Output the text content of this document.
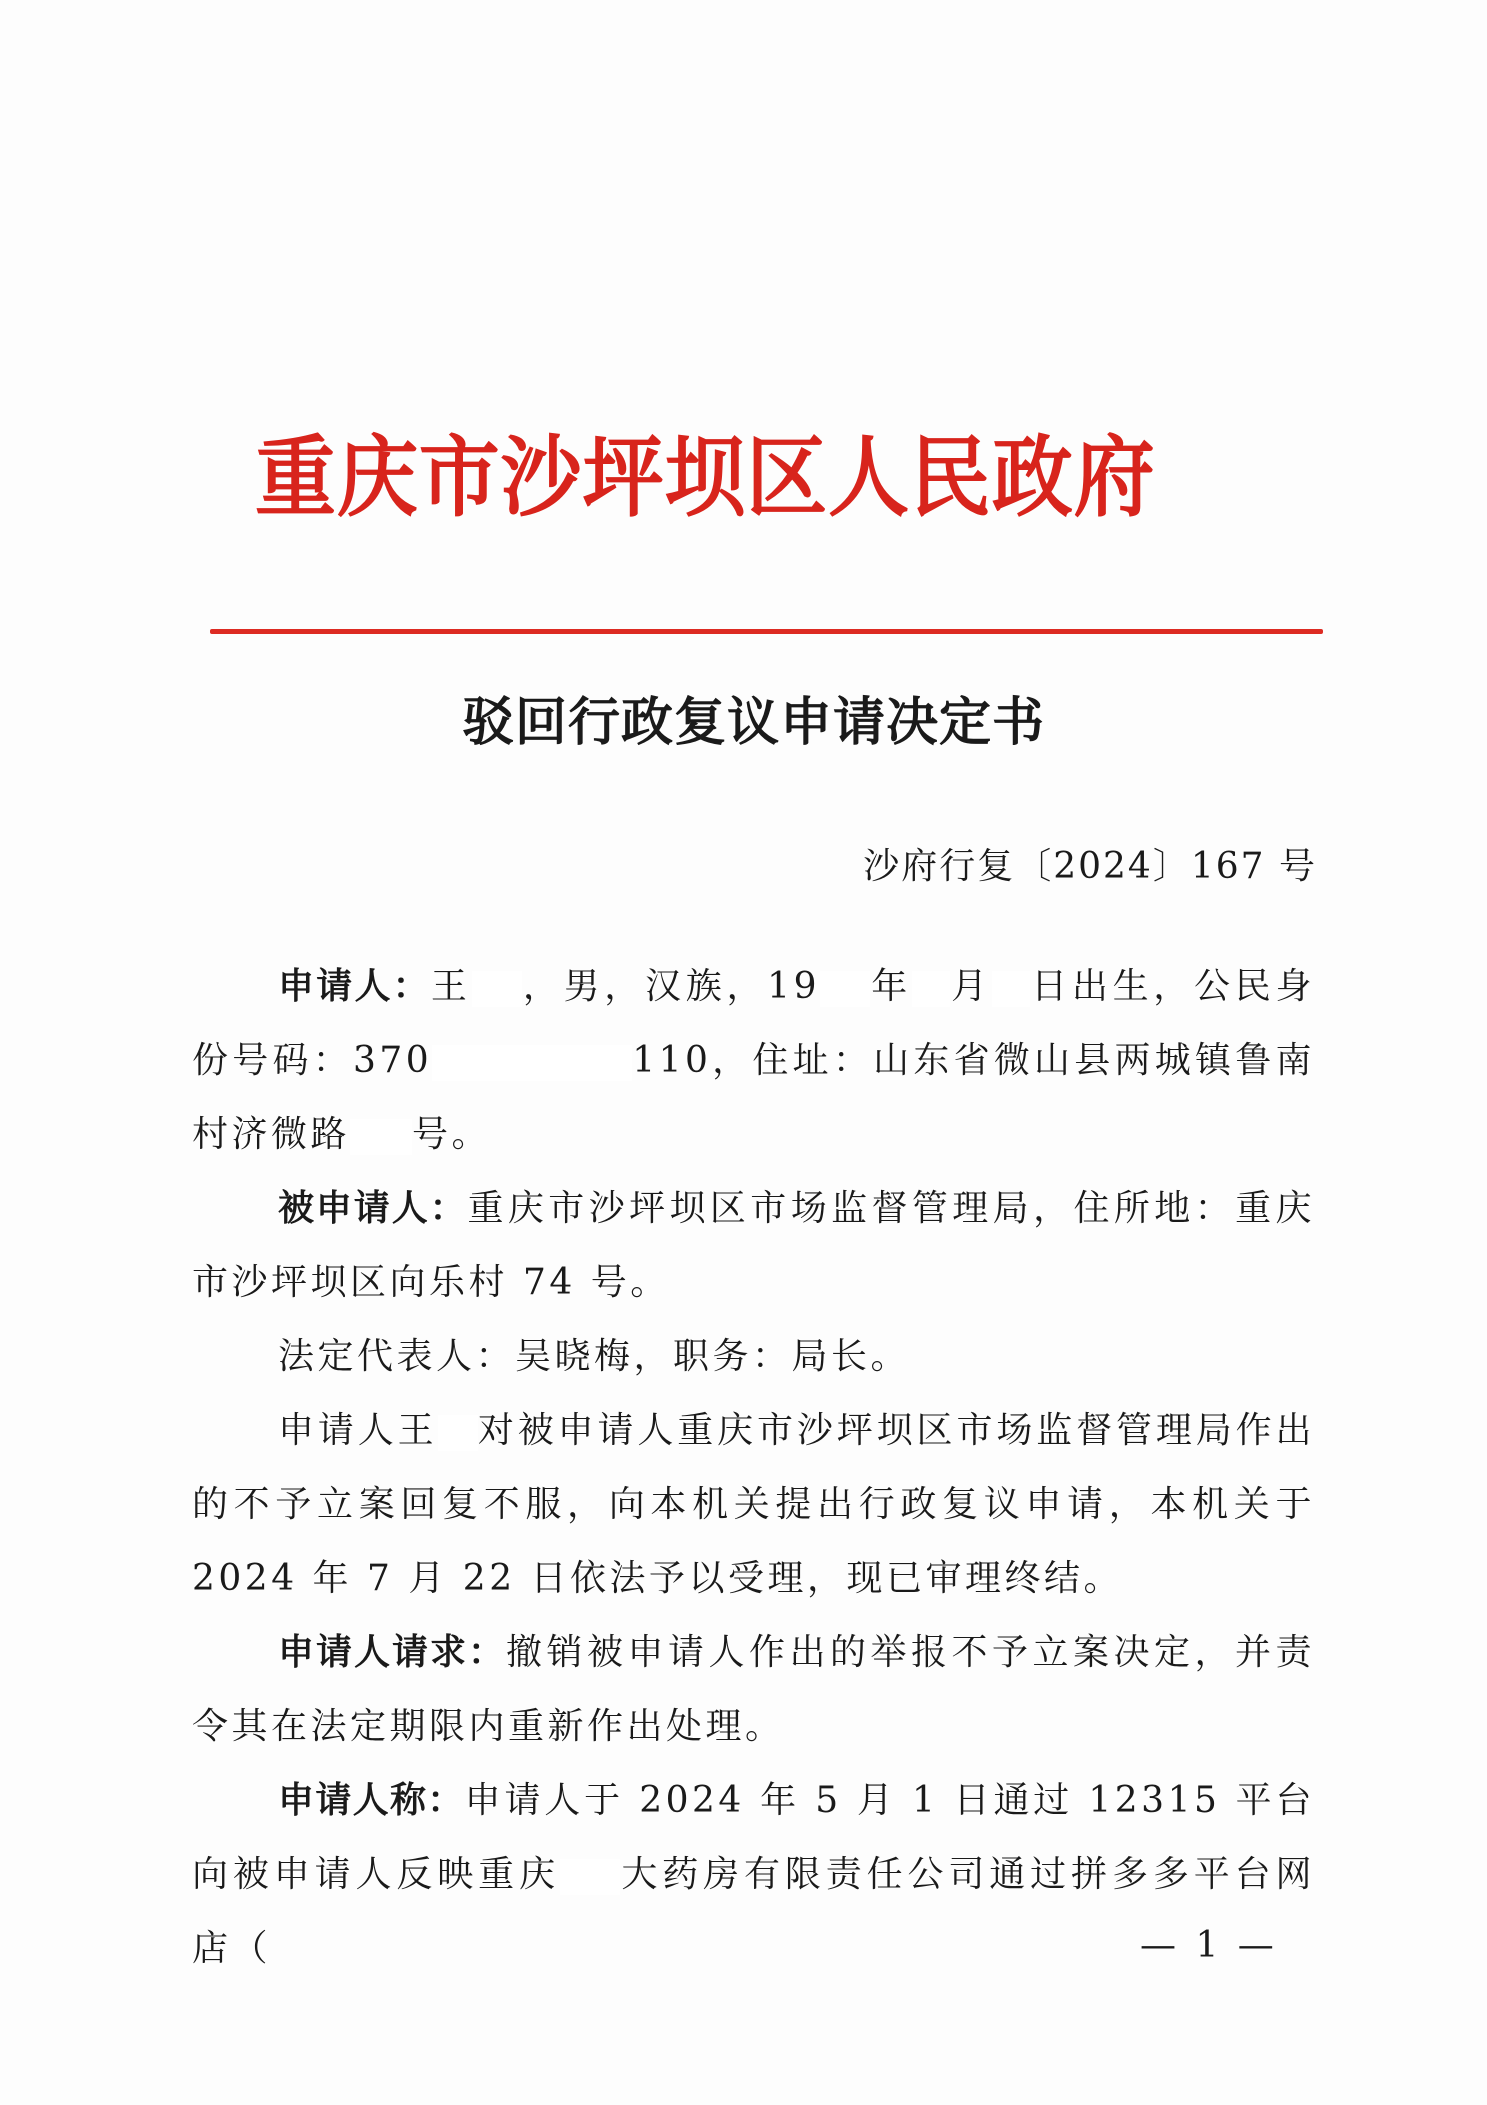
重庆市沙坪坝区人民政府
驳回行政复议申请决定书
沙府行复〔2024〕167 号

申请人：王 ，男，汉族，19 年 月 日出生，公民身份号码：370	110，住址：山东省微山县两城镇鲁南村济微路 号。

被申请人：重庆市沙坪坝区市场监督管理局，住所地：重庆市沙坪坝区向乐村 74 号。

法定代表人：吴晓梅，职务：局长。

申请人王 对被申请人重庆市沙坪坝区市场监督管理局作出的不予立案回复不服，向本机关提出行政复议申请，本机关于 2024 年 7 月 22 日依法予以受理，现已审理终结。

申请人请求：撤销被申请人作出的举报不予立案决定，并责令其在法定期限内重新作出处理。

申请人称：申请人于 2024 年 5 月 1 日通过 12315 平台向被申请人反映重庆 大药房有限责任公司通过拼多多平台网店（	— 1 —
